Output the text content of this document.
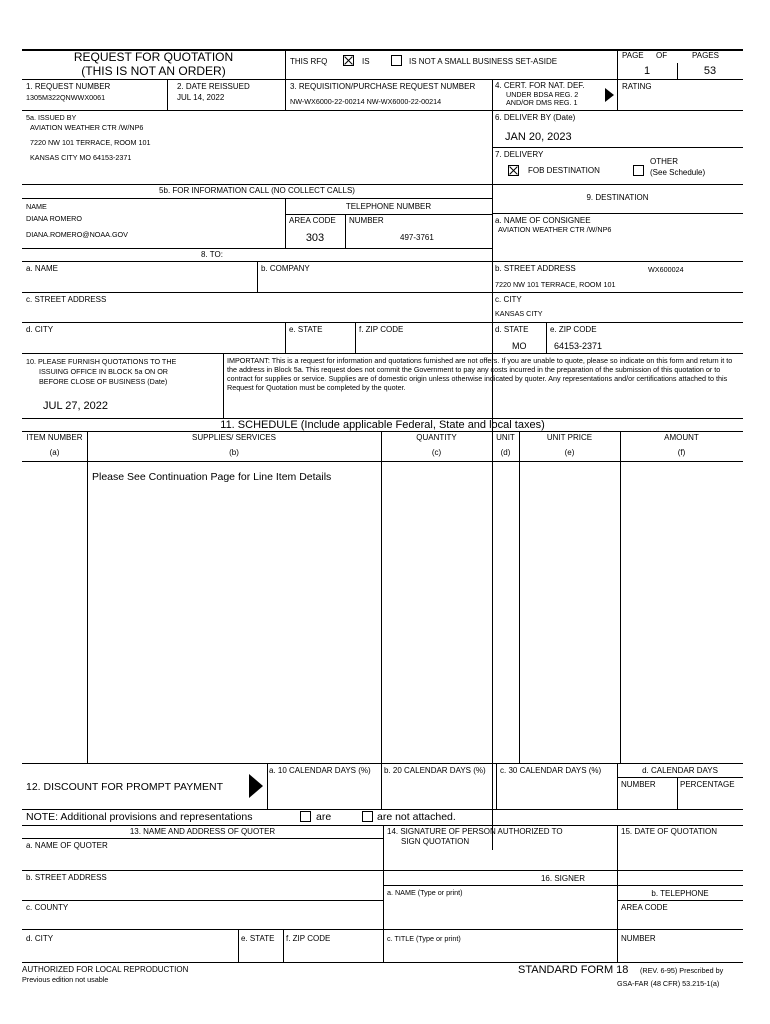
REQUEST FOR QUOTATION
(THIS IS NOT AN ORDER)
THIS RFQ	IS	IS NOT A SMALL BUSINESS SET-ASIDE
PAGE OF	PAGES
1	53
1. REQUEST NUMBER
1305M322QNWWX0061
2. DATE REISSUED
JUL 14, 2022
3. REQUISITION/PURCHASE REQUEST NUMBER
NW-WX6000-22-00214 NW-WX6000-22-00214
4. CERT. FOR NAT. DEF.
UNDER BDSA REG. 2
AND/OR DMS REG. 1
RATING
5a. ISSUED BY
AVIATION WEATHER CTR /W/NP6
7220 NW 101 TERRACE, ROOM 101
KANSAS CITY MO 64153-2371
6. DELIVER BY (Date)
JAN 20, 2023
7. DELIVERY
FOB DESTINATION
OTHER
(See Schedule)
5b. FOR INFORMATION CALL (NO COLLECT CALLS)
NAME
DIANA ROMERO
DIANA.ROMERO@NOAA.GOV
TELEPHONE NUMBER
AREA CODE NUMBER
303	497-3761
9. DESTINATION
a. NAME OF CONSIGNEE
AVIATION WEATHER CTR /W/NP6
b. STREET ADDRESS	WX600024
7220 NW 101 TERRACE, ROOM 101
c. CITY
KANSAS CITY
d. STATE	e. ZIP CODE
MO	64153-2371
8. TO:
a. NAME	b. COMPANY
c. STREET ADDRESS
d. CITY	e. STATE	f. ZIP CODE
10. PLEASE FURNISH QUOTATIONS TO THE
ISSUING OFFICE IN BLOCK 5a ON OR
BEFORE CLOSE OF BUSINESS (Date)
JUL 27, 2022
IMPORTANT: This is a request for information and quotations furnished are not offers. If you are unable to quote, please so indicate on this form and return it to the address in Block 5a. This request does not commit the Government to pay any costs incurred in the preparation of the submission of this quotation or to contract for supplies or service. Supplies are of domestic origin unless otherwise indicated by quoter. Any representations and/or certifications attached to this Request for Quotation must be completed by the quoter.
11. SCHEDULE (Include applicable Federal, State and local taxes)
ITEM NUMBER
(a)
SUPPLIES/ SERVICES
(b)
QUANTITY
(c)
UNIT
(d)
UNIT PRICE
(e)
AMOUNT
(f)
Please See Continuation Page for Line Item Details
12. DISCOUNT FOR PROMPT PAYMENT
a. 10 CALENDAR DAYS (%) b. 20 CALENDAR DAYS (%) c. 30 CALENDAR DAYS (%)	d. CALENDAR DAYS
NUMBER	PERCENTAGE
NOTE: Additional provisions and representations	are	are not attached.
13. NAME AND ADDRESS OF QUOTER
a. NAME OF QUOTER
b. STREET ADDRESS
c. COUNTY
d. CITY	e. STATE f. ZIP CODE
14. SIGNATURE OF PERSON AUTHORIZED TO
SIGN QUOTATION
15. DATE OF QUOTATION
16. SIGNER
a. NAME (Type or print)	b. TELEPHONE
AREA CODE
c. TITLE (Type or print)	NUMBER
AUTHORIZED FOR LOCAL REPRODUCTION
Previous edition not usable
STANDARD FORM 18 (REV. 6-95) Prescribed by
GSA-FAR (48 CFR) 53.215-1(a)
